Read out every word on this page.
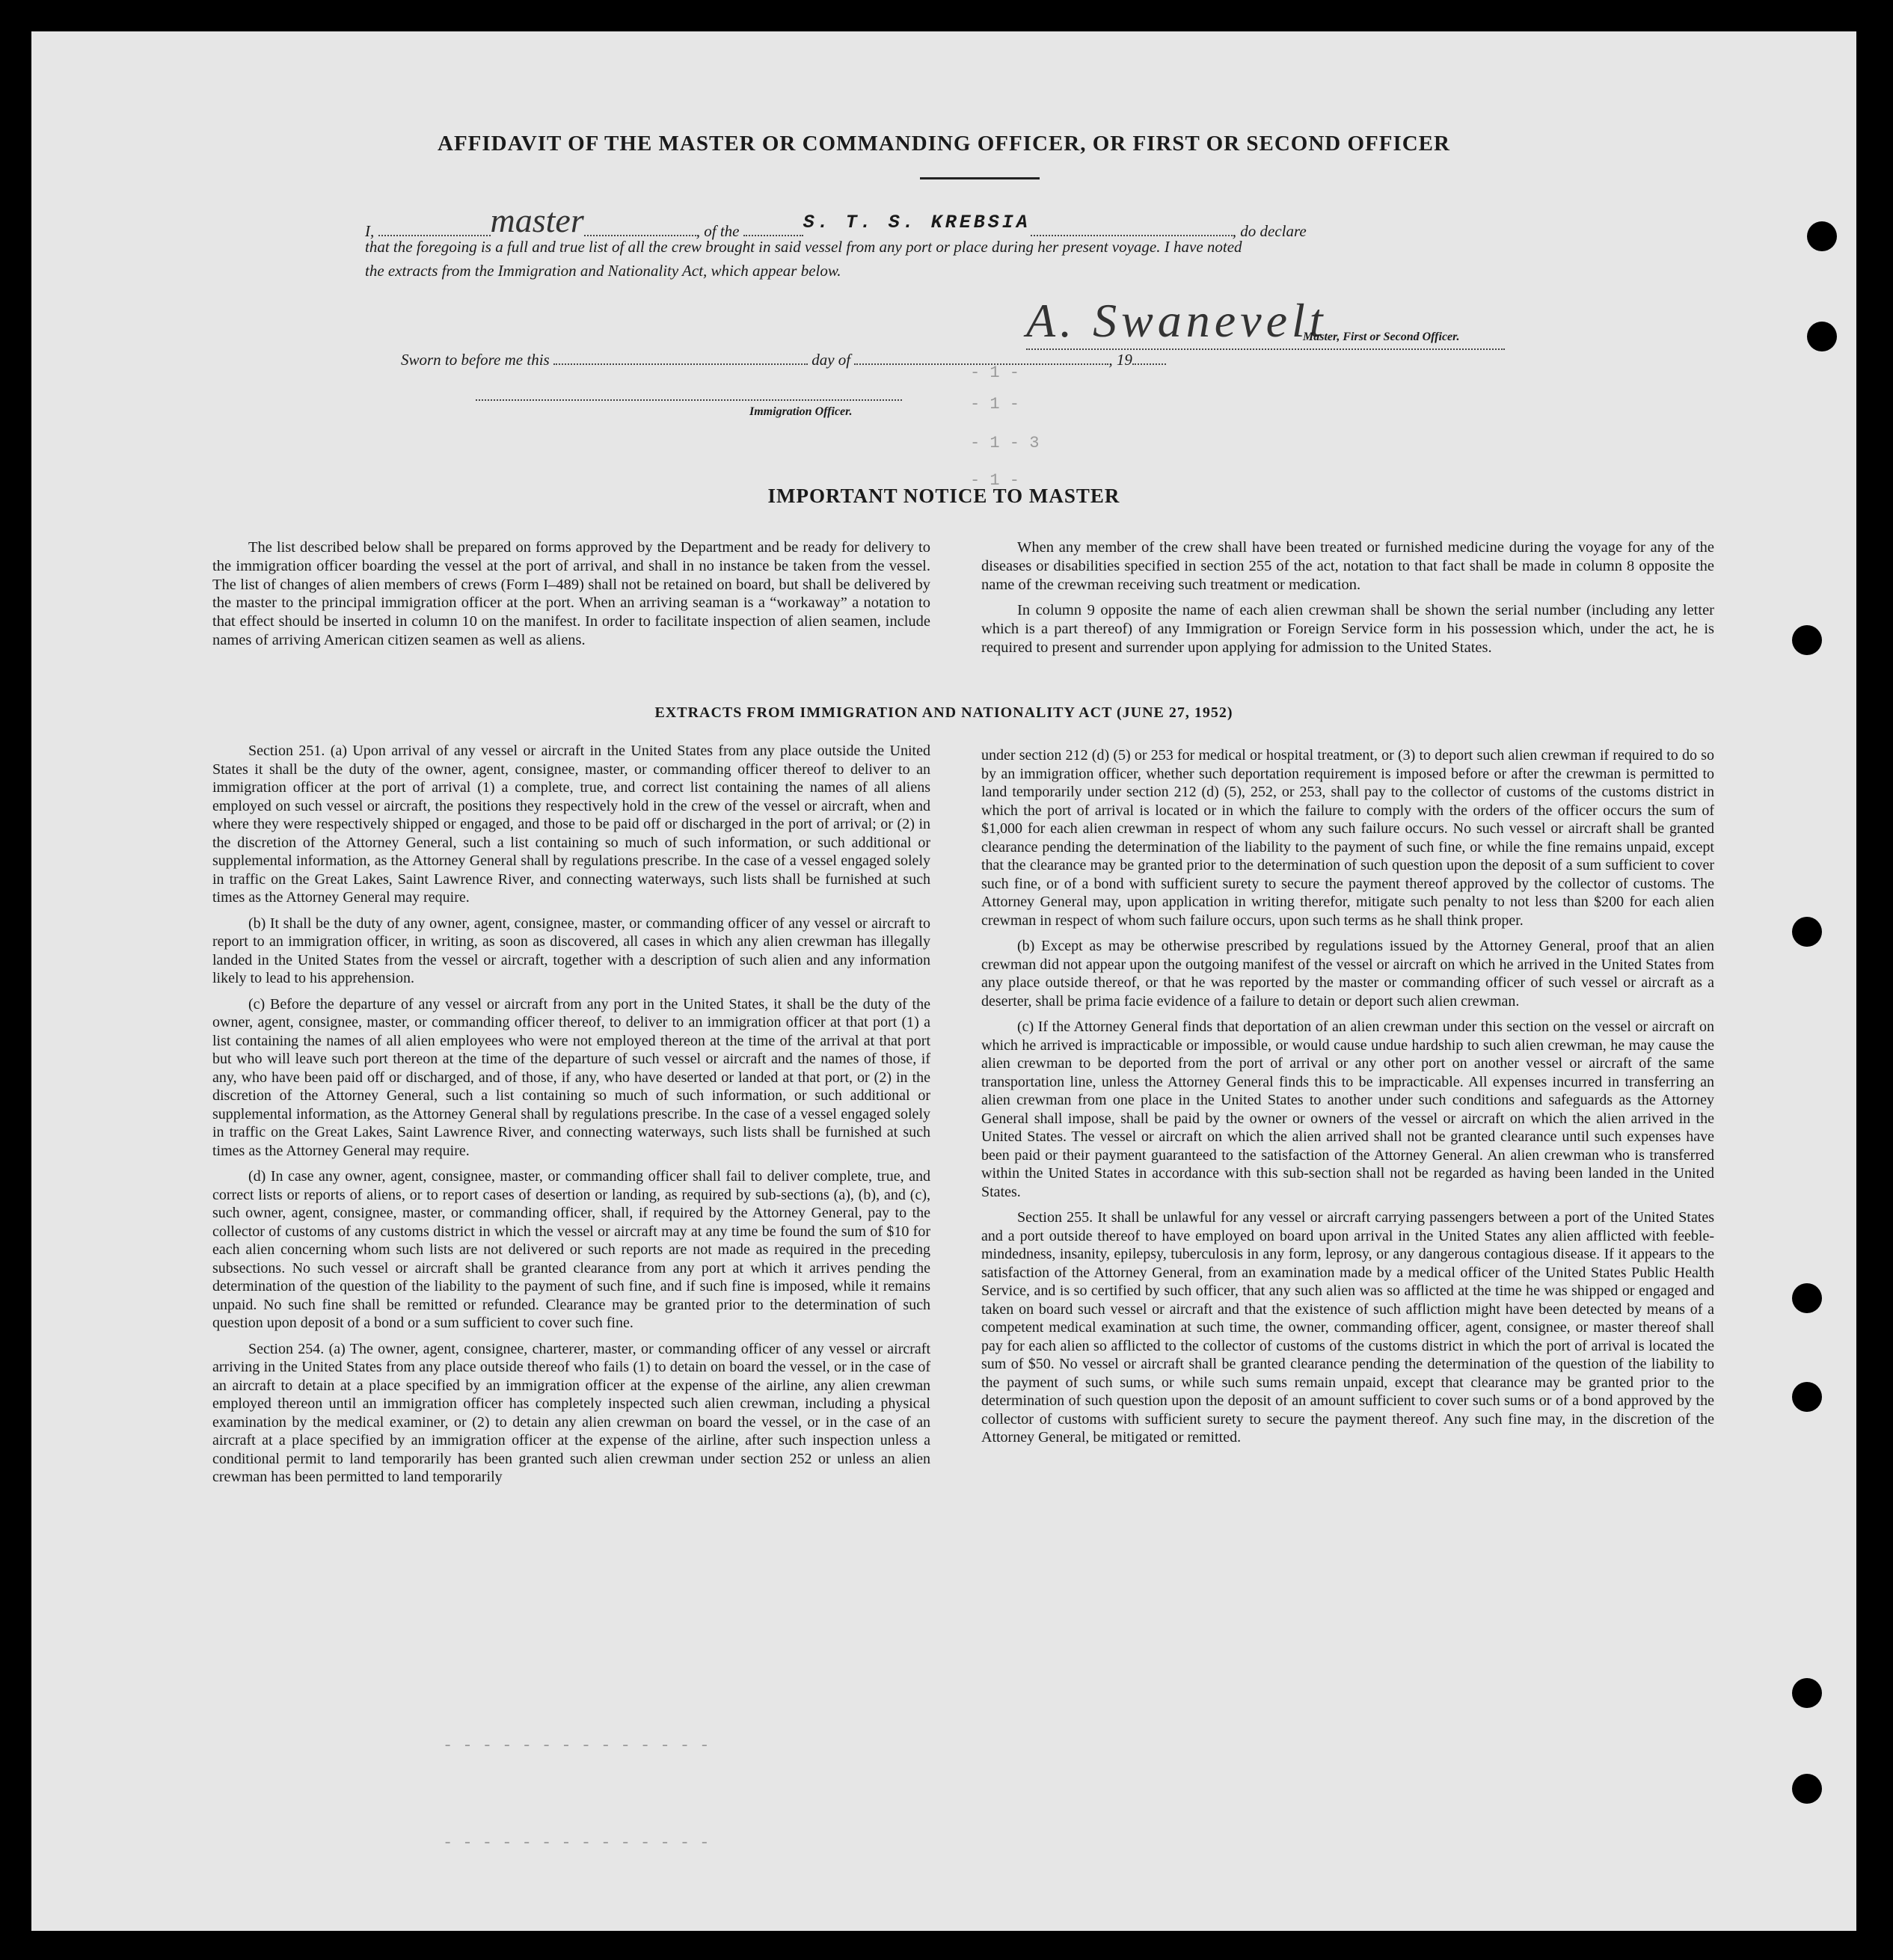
AFFIDAVIT OF THE MASTER OR COMMANDING OFFICER, OR FIRST OR SECOND OFFICER
I,	master	, of the	S. T. S. KREBSIA	, do declare
that the foregoing is a full and true list of all the crew brought in said vessel from any port or place during her present voyage. I have noted
the extracts from the Immigration and Nationality Act, which appear below.
A. Swanevelt
Master, First or Second Officer.
Sworn to before me this	day of	, 19
Immigration Officer.
- 1 -
- 1 -
- 1 - 3
- 1 -
IMPORTANT NOTICE TO MASTER

The list described below shall be prepared on forms approved by the Department and be ready for delivery to the immigration officer boarding the vessel at the port of arrival, and shall in no instance be taken from the vessel. The list of changes of alien members of crews (Form I–489) shall not be retained on board, but shall be delivered by the master to the principal immigration officer at the port. When an arriving seaman is a “workaway” a notation to that effect should be inserted in column 10 on the manifest. In order to facilitate inspection of alien seamen, include names of arriving American citizen seamen as well as aliens.

When any member of the crew shall have been treated or furnished medicine during the voyage for any of the diseases or disabilities specified in section 255 of the act, notation to that fact shall be made in column 8 opposite the name of the crewman receiving such treatment or medication.

In column 9 opposite the name of each alien crewman shall be shown the serial number (including any letter which is a part thereof) of any Immigration or Foreign Service form in his possession which, under the act, he is required to present and surrender upon applying for admission to the United States.

EXTRACTS FROM IMMIGRATION AND NATIONALITY ACT (JUNE 27, 1952)

Section 251. (a) Upon arrival of any vessel or aircraft in the United States from any place outside the United States it shall be the duty of the owner, agent, consignee, master, or commanding officer thereof to deliver to an immigration officer at the port of arrival (1) a complete, true, and correct list containing the names of all aliens employed on such vessel or aircraft, the positions they respectively hold in the crew of the vessel or aircraft, when and where they were respectively shipped or engaged, and those to be paid off or discharged in the port of arrival; or (2) in the discretion of the Attorney General, such a list containing so much of such information, or such additional or supplemental information, as the Attorney General shall by regulations prescribe. In the case of a vessel engaged solely in traffic on the Great Lakes, Saint Lawrence River, and connecting waterways, such lists shall be furnished at such times as the Attorney General may require.

(b) It shall be the duty of any owner, agent, consignee, master, or commanding officer of any vessel or aircraft to report to an immigration officer, in writing, as soon as discovered, all cases in which any alien crewman has illegally landed in the United States from the vessel or aircraft, together with a description of such alien and any information likely to lead to his apprehension.

(c) Before the departure of any vessel or aircraft from any port in the United States, it shall be the duty of the owner, agent, consignee, master, or commanding officer thereof, to deliver to an immigration officer at that port (1) a list containing the names of all alien employees who were not employed thereon at the time of the arrival at that port but who will leave such port thereon at the time of the departure of such vessel or aircraft and the names of those, if any, who have been paid off or discharged, and of those, if any, who have deserted or landed at that port, or (2) in the discretion of the Attorney General, such a list containing so much of such information, or such additional or supplemental information, as the Attorney General shall by regulations prescribe. In the case of a vessel engaged solely in traffic on the Great Lakes, Saint Lawrence River, and connecting waterways, such lists shall be furnished at such times as the Attorney General may require.

(d) In case any owner, agent, consignee, master, or commanding officer shall fail to deliver complete, true, and correct lists or reports of aliens, or to report cases of desertion or landing, as required by sub-sections (a), (b), and (c), such owner, agent, consignee, master, or commanding officer, shall, if required by the Attorney General, pay to the collector of customs of any customs district in which the vessel or aircraft may at any time be found the sum of $10 for each alien concerning whom such lists are not delivered or such reports are not made as required in the preceding subsections. No such vessel or aircraft shall be granted clearance from any port at which it arrives pending the determination of the question of the liability to the payment of such fine, and if such fine is imposed, while it remains unpaid. No such fine shall be remitted or refunded. Clearance may be granted prior to the determination of such question upon deposit of a bond or a sum sufficient to cover such fine.

Section 254. (a) The owner, agent, consignee, charterer, master, or commanding officer of any vessel or aircraft arriving in the United States from any place outside thereof who fails (1) to detain on board the vessel, or in the case of an aircraft to detain at a place specified by an immigration officer at the expense of the airline, any alien crewman employed thereon until an immigration officer has completely inspected such alien crewman, including a physical examination by the medical examiner, or (2) to detain any alien crewman on board the vessel, or in the case of an aircraft at a place specified by an immigration officer at the expense of the airline, after such inspection unless a conditional permit to land temporarily has been granted such alien crewman under section 252 or unless an alien crewman has been permitted to land temporarily

under section 212 (d) (5) or 253 for medical or hospital treatment, or (3) to deport such alien crewman if required to do so by an immigration officer, whether such deportation requirement is imposed before or after the crewman is permitted to land temporarily under section 212 (d) (5), 252, or 253, shall pay to the collector of customs of the customs district in which the port of arrival is located or in which the failure to comply with the orders of the officer occurs the sum of $1,000 for each alien crewman in respect of whom any such failure occurs. No such vessel or aircraft shall be granted clearance pending the determination of the liability to the payment of such fine, or while the fine remains unpaid, except that the clearance may be granted prior to the determination of such question upon the deposit of a sum sufficient to cover such fine, or of a bond with sufficient surety to secure the payment thereof approved by the collector of customs. The Attorney General may, upon application in writing therefor, mitigate such penalty to not less than $200 for each alien crewman in respect of whom such failure occurs, upon such terms as he shall think proper.

(b) Except as may be otherwise prescribed by regulations issued by the Attorney General, proof that an alien crewman did not appear upon the outgoing manifest of the vessel or aircraft on which he arrived in the United States from any place outside thereof, or that he was reported by the master or commanding officer of such vessel or aircraft as a deserter, shall be prima facie evidence of a failure to detain or deport such alien crewman.

(c) If the Attorney General finds that deportation of an alien crewman under this section on the vessel or aircraft on which he arrived is impracticable or impossible, or would cause undue hardship to such alien crewman, he may cause the alien crewman to be deported from the port of arrival or any other port on another vessel or aircraft of the same transportation line, unless the Attorney General finds this to be impracticable. All expenses incurred in transferring an alien crewman from one place in the United States to another under such conditions and safeguards as the Attorney General shall impose, shall be paid by the owner or owners of the vessel or aircraft on which the alien arrived in the United States. The vessel or aircraft on which the alien arrived shall not be granted clearance until such expenses have been paid or their payment guaranteed to the satisfaction of the Attorney General. An alien crewman who is transferred within the United States in accordance with this sub-section shall not be regarded as having been landed in the United States.

Section 255. It shall be unlawful for any vessel or aircraft carrying passengers between a port of the United States and a port outside thereof to have employed on board upon arrival in the United States any alien afflicted with feeble-mindedness, insanity, epilepsy, tuberculosis in any form, leprosy, or any dangerous contagious disease. If it appears to the satisfaction of the Attorney General, from an examination made by a medical officer of the United States Public Health Service, and is so certified by such officer, that any such alien was so afflicted at the time he was shipped or engaged and taken on board such vessel or aircraft and that the existence of such affliction might have been detected by means of a competent medical examination at such time, the owner, commanding officer, agent, consignee, or master thereof shall pay for each alien so afflicted to the collector of customs of the customs district in which the port of arrival is located the sum of $50. No vessel or aircraft shall be granted clearance pending the determination of the question of the liability to the payment of such sums, or while such sums remain unpaid, except that clearance may be granted prior to the determination of such question upon the deposit of an amount sufficient to cover such sums or of a bond approved by the collector of customs with sufficient surety to secure the payment thereof. Any such fine may, in the discretion of the Attorney General, be mitigated or remitted.

- - - - - - - - - - - - - -
- - - - - - - - - - - - - -
